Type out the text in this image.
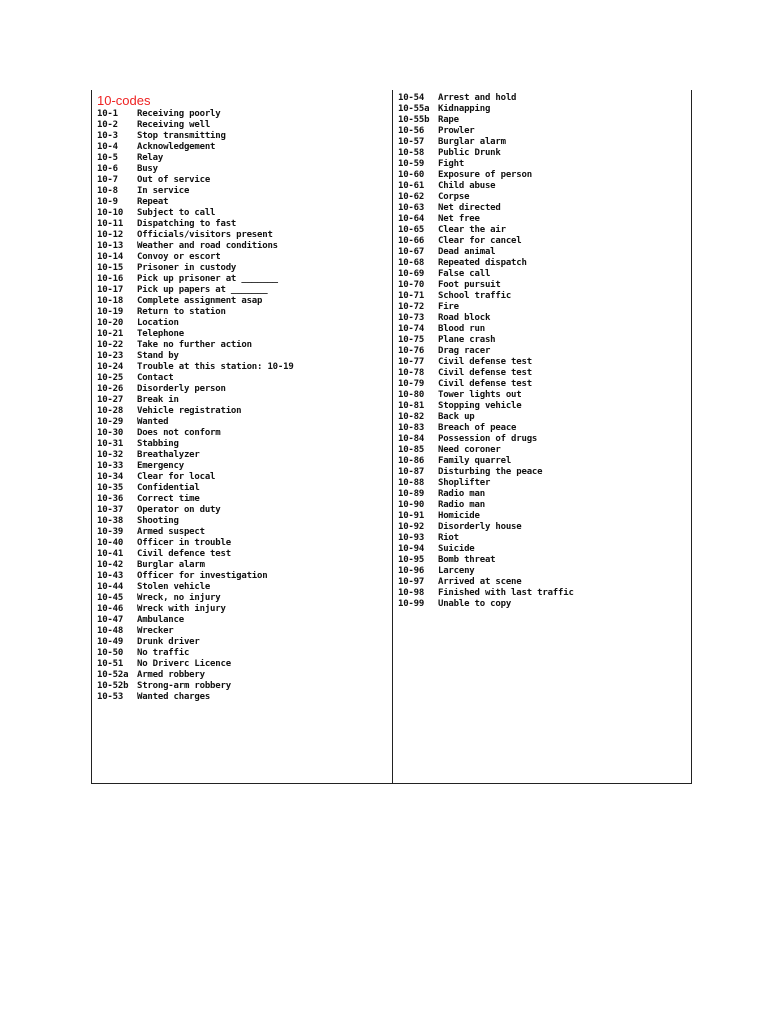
10-codes
10-1	Receiving poorly
10-2	Receiving well
10-3	Stop transmitting
10-4	Acknowledgement
10-5	Relay
10-6	Busy
10-7	Out of service
10-8	In service
10-9	Repeat
10-10	Subject to call
10-11	Dispatching to fast
10-12	Officials/visitors present
10-13	Weather and road conditions
10-14	Convoy or escort
10-15	Prisoner in custody
10-16	Pick up prisoner at _______
10-17	Pick up papers at _______
10-18	Complete assignment asap
10-19	Return to station
10-20	Location
10-21	Telephone
10-22	Take no further action
10-23	Stand by
10-24	Trouble at this station: 10-19
10-25	Contact
10-26	Disorderly person
10-27	Break in
10-28	Vehicle registration
10-29	Wanted
10-30	Does not conform
10-31	Stabbing
10-32	Breathalyzer
10-33	Emergency
10-34	Clear for local
10-35	Confidential
10-36	Correct time
10-37	Operator on duty
10-38	Shooting
10-39	Armed suspect
10-40	Officer in trouble
10-41	Civil defence test
10-42	Burglar alarm
10-43	Officer for investigation
10-44	Stolen vehicle
10-45	Wreck, no injury
10-46	Wreck with injury
10-47	Ambulance
10-48	Wrecker
10-49	Drunk driver
10-50	No traffic
10-51	No Driverс Licence
10-52a Armed robbery
10-52b Strong-arm robbery
10-53	Wanted charges
10-54	Arrest and hold
10-55a Kidnapping
10-55b Rape
10-56	Prowler
10-57	Burglar alarm
10-58	Public Drunk
10-59	Fight
10-60	Exposure of person
10-61	Child abuse
10-62	Corpse
10-63	Net directed
10-64	Net free
10-65	Clear the air
10-66	Clear for cancel
10-67	Dead animal
10-68	Repeated dispatch
10-69	False call
10-70	Foot pursuit
10-71	School traffic
10-72	Fire
10-73	Road block
10-74	Blood run
10-75	Plane crash
10-76	Drag racer
10-77	Civil defense test
10-78	Civil defense test
10-79	Civil defense test
10-80	Tower lights out
10-81	Stopping vehicle
10-82	Back up
10-83	Breach of peace
10-84	Possession of drugs
10-85	Need coroner
10-86	Family quarrel
10-87	Disturbing the peace
10-88	Shoplifter
10-89	Radio man
10-90	Radio man
10-91	Homicide
10-92	Disorderly house
10-93	Riot
10-94	Suicide
10-95	Bomb threat
10-96	Larceny
10-97	Arrived at scene
10-98	Finished with last traffic
10-99	Unable to copy
